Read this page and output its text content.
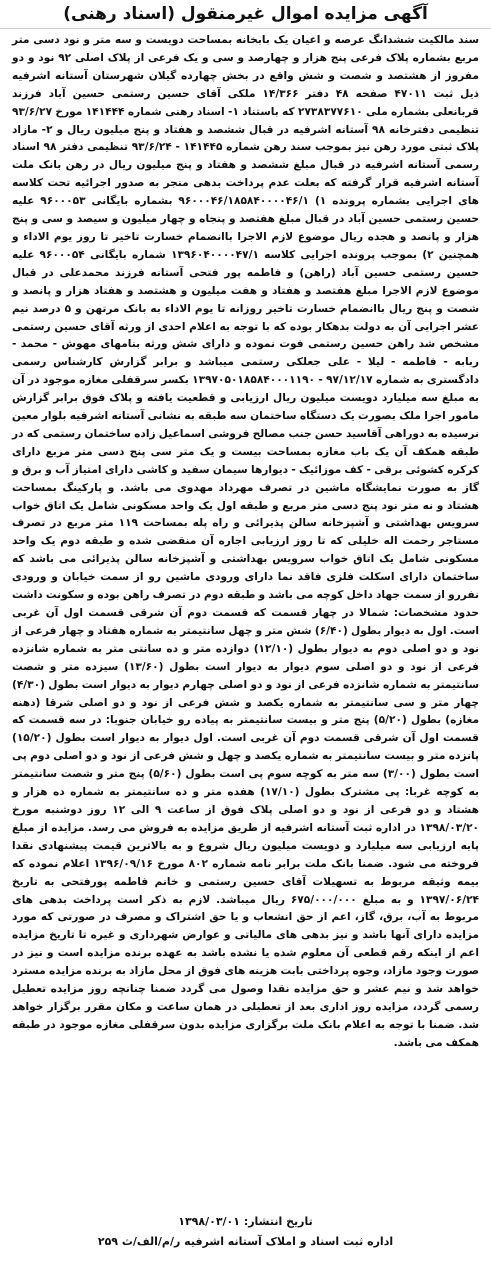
آگهی مزایده اموال غیرمنقول (اسناد رهنی)

سند مالکیت ششدانگ عرصه و اعیان یک بابخانه بمساحت دویست و سه متر و نود دسی متر مربع بشماره پلاک فرعی پنج هزار و چهارصد و سی و یک فرعی از پلاک اصلی ۹۲ نود و دو مفروز از هشتصد و شصت و شش واقع در بخش چهارده گیلان شهرستان آستانه اشرفیه ذیل ثبت ۴۷۰۱۱ صفحه ۴۸ دفتر ۱۴/۳۶۶ ملکی آقای حسین رستمی حسین آباد فرزند قربانعلی بشماره ملی ۲۷۳۸۳۷۷۶۱۰ که باستناد ۱- اسناد رهنی شماره ۱۴۱۴۴۴ مورخ ۹۳/۶/۲۷ تنظیمی دفترخانه ۹۸ آستانه اشرفیه در قبال ششصد و هفتاد و پنج میلیون ریال و ۲- مازاد پلاک ثبتی مورد رهن نیز بموجب سند رهن شماره ۱۴۱۴۴۵ - ۹۳/۶/۲۴ تنظیمی دفتر ۹۸ اسناد رسمی آستانه اشرفیه در قبال مبلغ ششصد و هفتاد و پنج میلیون ریال در رهن بانک ملت آستانه اشرفیه قرار گرفته که بعلت عدم پرداخت بدهی منجر به صدور اجرائیه تحت کلاسه های اجرایی بشماره پرونده ۱) ۹۶۰۰۰۴۶/۱۸۵۸۴۰۰۰۰۴۶/۱ بشماره بایگانی ۹۶۰۰۰۵۳ علیه حسین رستمی حسین آباد در قبال مبلغ هفتصد و پنجاه و چهار میلیون و سیصد و سی و پنج هزار و پانصد و هجده ریال موضوع لازم الاجرا باانضمام خسارت تاخیر تا روز یوم الاداء و همچنین ۲) بموجب پرونده اجرایی کلاسه ۱۳۹۶۰۴۰۰۰۰۴۷/۱ شماره بایگانی ۹۶۰۰۰۵۴ علیه حسین رستمی حسین آباد (راهن) و فاطمه پور فتحی آستانه فرزند محمدعلی در قبال موضوع لازم الاجرا مبلغ هفتصد و هفتاد و هفت میلیون و هشتصد و هفتاد هزار و پانصد و شصت و پنج ریال باانضمام خسارت تاخیر روزانه تا یوم الاداء به بانک مرتهن و ۵ درصد نیم عشر اجرایی آن به دولت بدهکار بوده که با توجه به اعلام احدی از ورثه آقای حسین رستمی مشخص شد راهن حسین رستمی فوت نموده و دارای شش ورثه بنامهای مهوش - محمد - ربابه - فاطمه - لیلا - علی جعلکی رستمی میباشد و برابر گزارش کارشناس رسمی دادگستری به شماره ۹۷/۱۲/۱۷ - ۱۳۹۷۰۵۰۱۸۵۸۴۰۰۰۱۱۹۰ بکسر سرقفلی مغازه موجود در آن به مبلغ سه میلیارد دویست میلیون ریال ارزیابی و قطعیت یافته و پلاک فوق برابر گزارش مامور اجرا ملک بصورت یک دستگاه ساختمان سه طبقه به نشانی آستانه اشرفیه بلوار معین نرسیده به دوراهی آقاسید حسن جنب مصالح فروشی اسماعیل زاده ساختمان رستمی که در طبقه همکف آن یک باب مغازه بمساحت بیست و یک متر سی پنج دسی متر مربع دارای کرکره کشوئی برقی - کف موزائیک - دیوارها سیمان سفید و کاشی دارای امتیاز آب و برق و گاز به صورت نمایشگاه ماشین در تصرف مهرداد مهدوی می باشد. و پارکینگ بمساحت هشتاد و نه متر نود پنج دسی متر مربع و طبقه اول یک واحد مسکونی شامل یک اتاق خواب سرویس بهداشتی و آشپزخانه سالن پذیرائی و راه پله بمساحت ۱۱۹ متر مربع در تصرف مستاجر رحمت اله خلیلی که تا روز ارزیابی اجاره آن منقضی شده و طبقه دوم یک واحد مسکونی شامل یک اتاق خواب سرویس بهداشتی و آشپزخانه سالن پذیرائی می باشد که ساختمان دارای اسکلت فلزی فاقد نما دارای ورودی ماشین رو از سمت خیابان و ورودی نفررو از سمت جهاد داخل کوچه می باشد و طبقه دوم در تصرف راهن بوده و سکونت داشت حدود مشخصات: شمالا در چهار قسمت که قسمت دوم آن شرقی قسمت اول آن غربی است. اول به دیوار بطول (۶/۴۰) شش متر و چهل سانتیمتر به شماره هفتاد و چهار فرعی از نود و دو اصلی دوم به دیوار بطول (۱۲/۱۰) دوازده متر و ده سانتی متر به شماره شانزده فرعی از نود و دو اصلی سوم دیوار به دیوار است بطول (۱۳/۶۰) سیزده متر و شصت سانتیمتر به شماره شانزده فرعی از نود و دو اصلی چهارم دیوار به دیوار است بطول (۴/۳۰) چهار متر و سی سانتیمتر به شماره یکصد و شش فرعی از نود و دو اصلی شرقا (دهنه مغازه) بطول (۵/۲۰) پنج متر و بیست سانتیمتر به پیاده رو خیابان جنوبا: در سه قسمت که قسمت اول آن شرقی قسمت دوم آن غربی است. اول دیوار به دیوار است بطول (۱۵/۲۰) پانزده متر و بیست سانتیمتر به شماره یکصد و چهل و شش فرعی از نود و دو اصلی دوم پی است بطول (۳/۰۰) سه متر به کوچه سوم پی است بطول (۵/۶۰) پنج متر و شصت سانتیمتر به کوچه غربا: پی مشترک بطول (۱۷/۱۰) هفده متر و ده سانتیمتر به شماره ده هزار و هشتاد و دو فرعی از نود و دو اصلی پلاک فوق از ساعت ۹ الی ۱۲ روز دوشنبه مورخ ۱۳۹۸/۰۳/۲۰ در اداره ثبت آستانه اشرفیه از طریق مزایده به فروش می رسد. مزایده از مبلغ پایه ارزیابی سه میلیارد و دویست میلیون ریال شروع و به بالاترین قیمت پیشنهادی نقدا فروخته می شود. ضمنا بانک ملت برابر نامه شماره ۸۰۲ مورخ ۱۳۹۶/۰۹/۱۶ اعلام نموده که بیمه وثیقه مربوط به تسهیلات آقای حسین رستمی و خانم فاطمه پورفتحی به تاریخ ۱۳۹۷/۰۶/۲۴ و به مبلغ ۶۷۵/۰۰۰/۰۰۰ ریال میباشد. لازم به ذکر است پرداخت بدهی های مربوط به آب، برق، گاز، اعم از حق انشعاب و یا حق اشتراک و مصرف در صورتی که مورد مزایده دارای آنها باشد و نیز بدهی های مالیاتی و عوارض شهرداری و غیره تا تاریخ مزایده اعم از اینکه رقم قطعی آن معلوم شده یا نشده باشد به عهده برنده مزایده است و نیز در صورت وجود مازاد، وجوه پرداختی بابت هزینه های فوق از محل مازاد به برنده مزایده مسترد خواهد شد و نیم عشر و حق مزایده نقدا وصول می گردد ضمنا چنانچه روز مزایده تعطیل رسمی گردد، مزایده روز اداری بعد از تعطیلی در همان ساعت و مکان مقرر برگزار خواهد شد. ضمنا با توجه به اعلام بانک ملت برگزاری مزایده بدون سرقفلی مغازه موجود در طبقه همکف می باشد.

تاریخ انتشار: ۱۳۹۸/۰۳/۰۱
اداره ثبت اسناد و املاک آستانه اشرفیه ر/م/الف/ث ۲۵۹
